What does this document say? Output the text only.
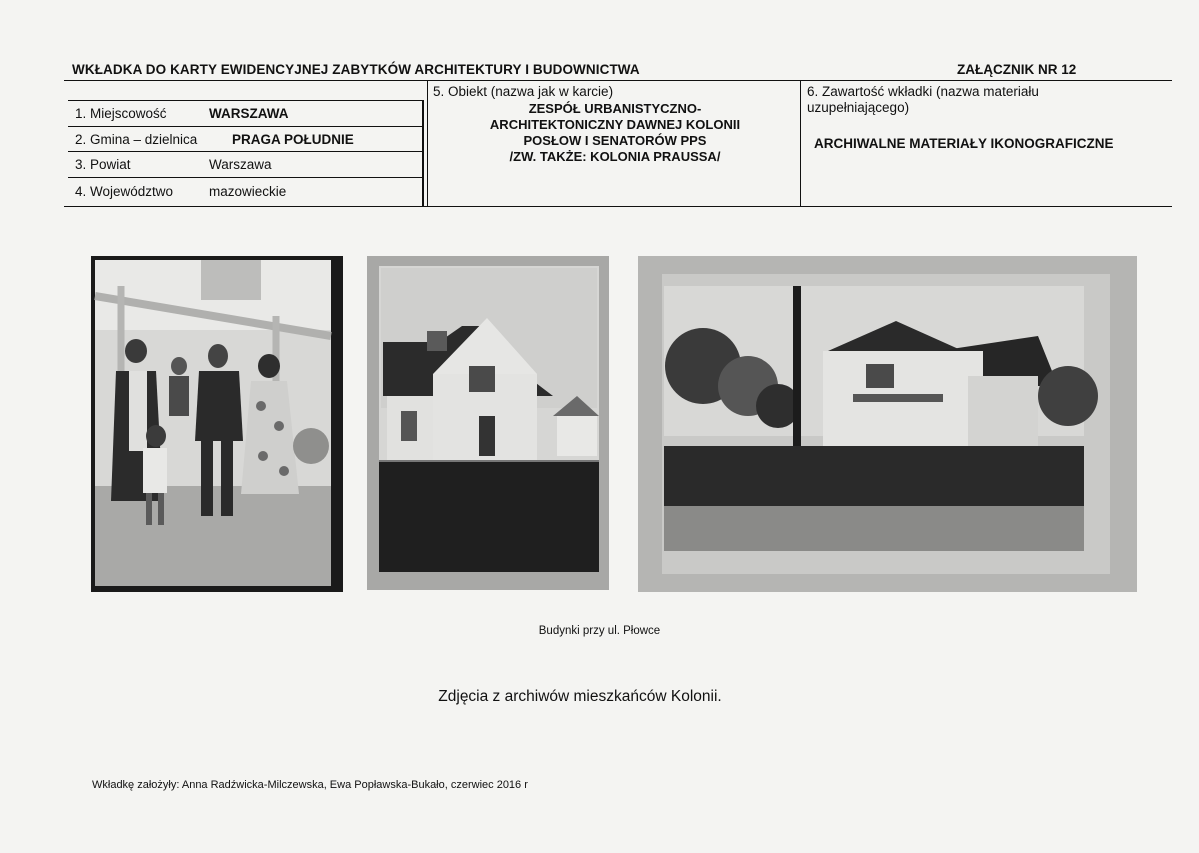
WKŁADKA DO KARTY EWIDENCYJNEJ ZABYTKÓW ARCHITEKTURY I BUDOWNICTWA	ZAŁĄCZNIK NR 12
1. Miejscowość	WARSZAWA
2. Gmina – dzielnica	PRAGA POŁUDNIE
3. Powiat	Warszawa
4. Województwo	mazowieckie
5. Obiekt (nazwa jak w karcie)
ZESPÓŁ URBANISTYCZNO-
ARCHITEKTONICZNY DAWNEJ KOLONII
POSŁOW I SENATORÓW PPS
/ZW. TAKŻE: KOLONIA PRAUSSA/
6. Zawartość wkładki (nazwa materiału
uzupełniającego)
ARCHIWALNE MATERIAŁY IKONOGRAFICZNE
Budynki przy ul. Płowce
Zdjęcia z archiwów mieszkańców Kolonii.
Wkładkę założyły: Anna Radźwicka-Milczewska, Ewa Popławska-Bukało, czerwiec 2016 r
